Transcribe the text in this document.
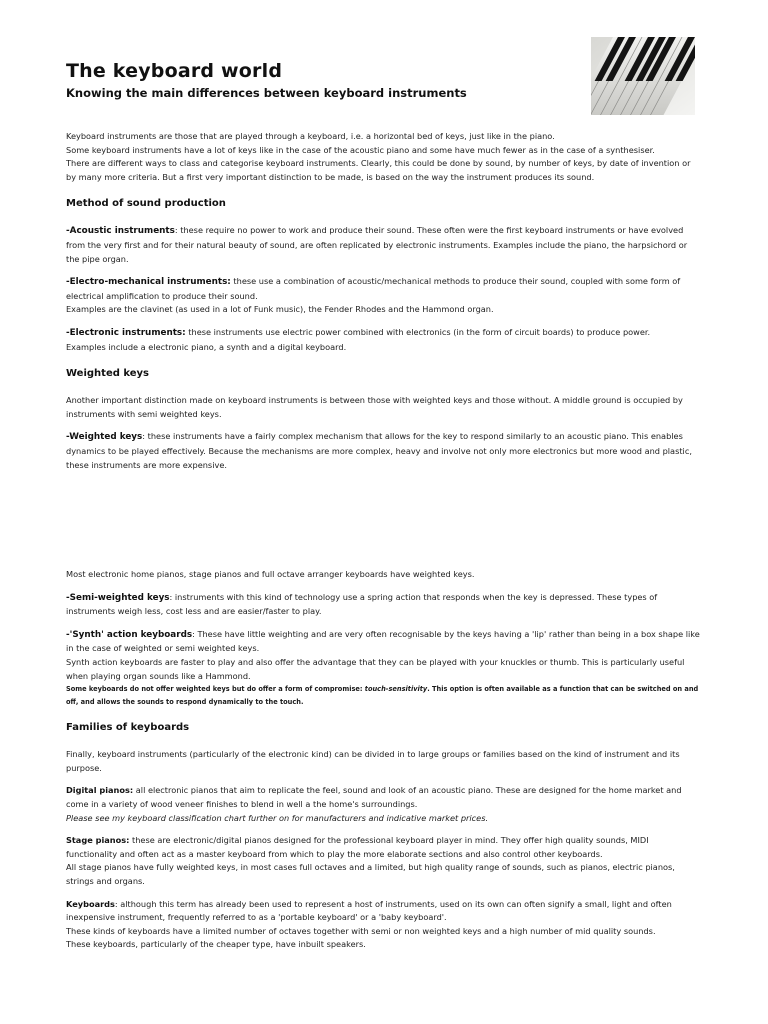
The keyboard world
Knowing the main differences between keyboard instruments

Keyboard instruments are those that are played through a keyboard, i.e. a horizontal bed of keys, just like in the piano.

Some keyboard instruments have a lot of keys like in the case of the acoustic piano and some have much fewer as in the case of a synthesiser.

There are different ways to class and categorise keyboard instruments. Clearly, this could be done by sound, by number of keys, by date of invention or by many more criteria. But a first very important distinction to be made, is based on the way the instrument produces its sound.

Method of sound production

-Acoustic instruments: these require no power to work and produce their sound. These often were the first keyboard instruments or have evolved from the very first and for their natural beauty of sound, are often replicated by electronic instruments. Examples include the piano, the harpsichord or the pipe organ.

-Electro-mechanical instruments: these use a combination of acoustic/mechanical methods to produce their sound, coupled with some form of electrical amplification to produce their sound.

Examples are the clavinet (as used in a lot of Funk music), the Fender Rhodes and the Hammond organ.

-Electronic instruments: these instruments use electric power combined with electronics (in the form of circuit boards) to produce power.

Examples include a electronic piano, a synth and a digital keyboard.

Weighted keys

Another important distinction made on keyboard instruments is between those with weighted keys and those without. A middle ground is occupied by instruments with semi weighted keys.

-Weighted keys: these instruments have a fairly complex mechanism that allows for the key to respond similarly to an acoustic piano. This enables dynamics to be played effectively. Because the mechanisms are more complex, heavy and involve not only more electronics but more wood and plastic, these instruments are more expensive.

Most electronic home pianos, stage pianos and full octave arranger keyboards have weighted keys.

-Semi-weighted keys: instruments with this kind of technology use a spring action that responds when the key is depressed. These types of instruments weigh less, cost less and are easier/faster to play.

-'Synth' action keyboards: These have little weighting and are very often recognisable by the keys having a 'lip' rather than being in a box shape like in the case of weighted or semi weighted keys.

Synth action keyboards are faster to play and also offer the advantage that they can be played with your knuckles or thumb. This is particularly useful when playing organ sounds like a Hammond.

Some keyboards do not offer weighted keys but do offer a form of compromise: touch-sensitivity. This option is often available as a function that can be switched on and off, and allows the sounds to respond dynamically to the touch.

Families of keyboards

Finally, keyboard instruments (particularly of the electronic kind) can be divided in to large groups or families based on the kind of instrument and its purpose.

Digital pianos: all electronic pianos that aim to replicate the feel, sound and look of an acoustic piano. These are designed for the home market and come in a variety of wood veneer finishes to blend in well a the home's surroundings.

Please see my keyboard classification chart further on for manufacturers and indicative market prices.

Stage pianos: these are electronic/digital pianos designed for the professional keyboard player in mind. They offer high quality sounds, MIDI functionality and often act as a master keyboard from which to play the more elaborate sections and also control other keyboards.

All stage pianos have fully weighted keys, in most cases full octaves and a limited, but high quality range of sounds, such as pianos, electric pianos, strings and organs.

Keyboards: although this term has already been used to represent a host of instruments, used on its own can often signify a small, light and often inexpensive instrument, frequently referred to as a 'portable keyboard' or a 'baby keyboard'.

These kinds of keyboards have a limited number of octaves together with semi or non weighted keys and a high number of mid quality sounds.

These keyboards, particularly of the cheaper type, have inbuilt speakers.
